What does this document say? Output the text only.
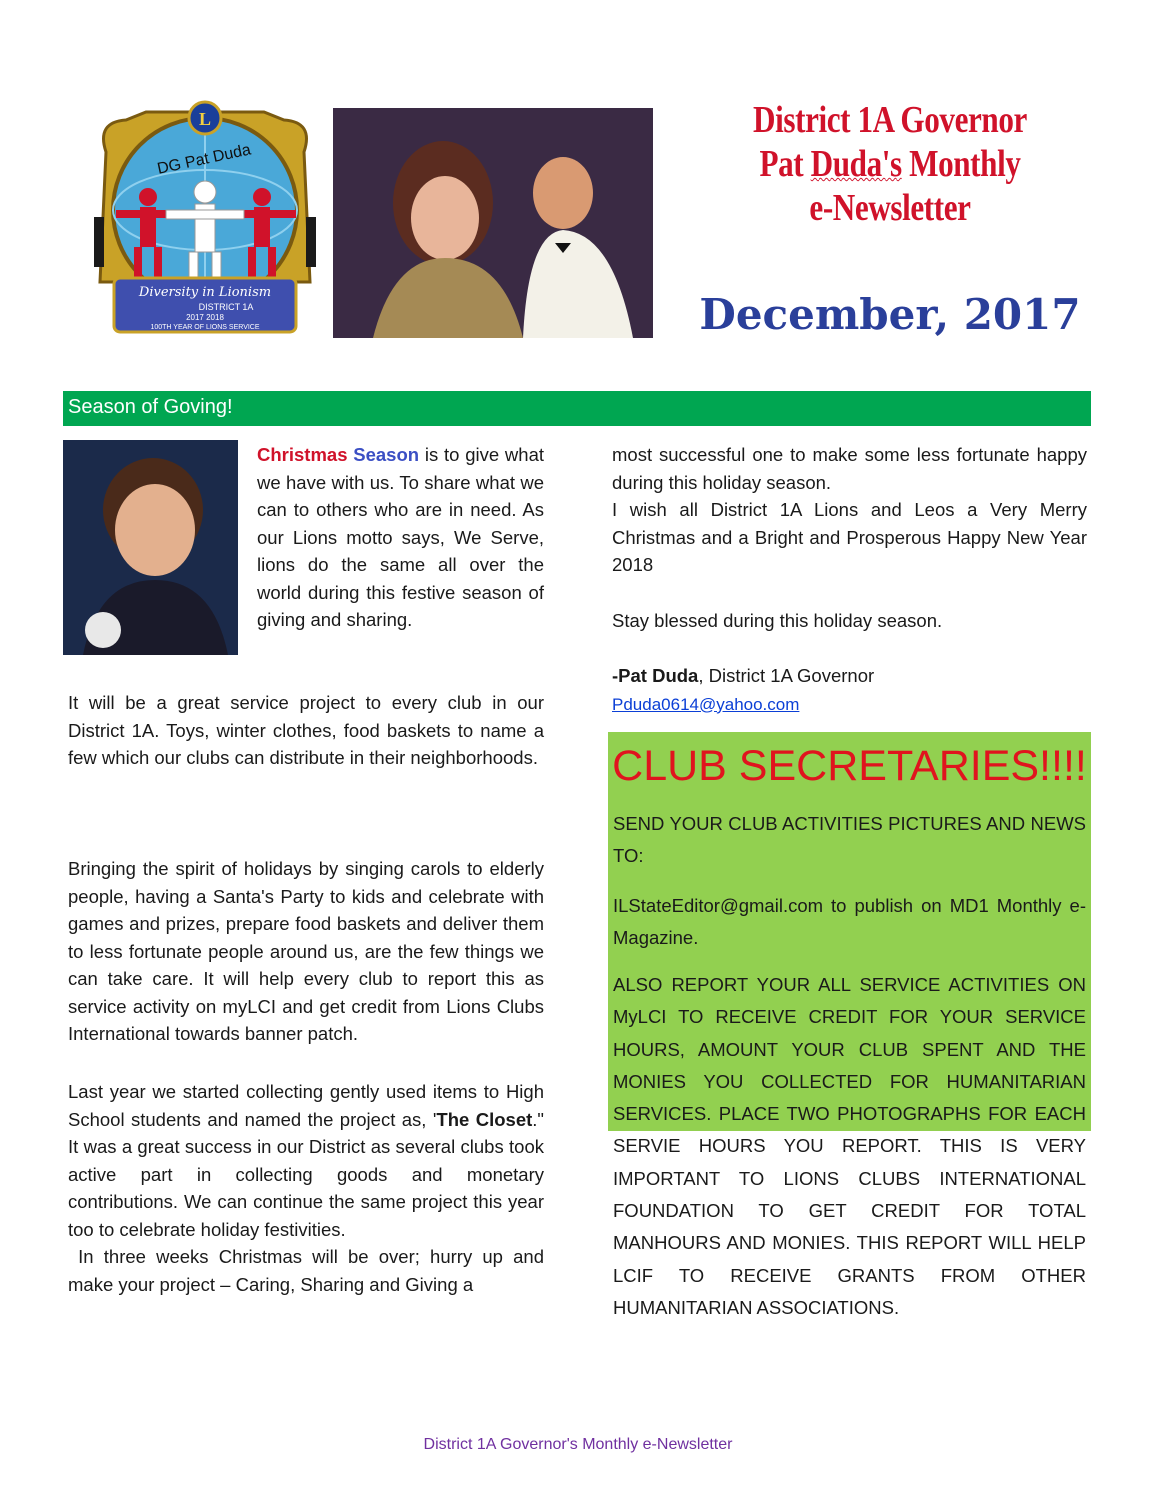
L
DG Pat Duda
Diversity in Lionism
DISTRICT 1A
2017 2018
100TH YEAR OF LIONS SERVICE
District 1A Governor
Pat Duda's Monthly
e-Newsletter
December, 2017
Season of Goving!
Christmas Season is to give what we have with us. To share what we can to others who are in need. As our Lions motto says, We Serve, lions do the same all over the world during this festive season of giving and sharing.
It will be a great service project to every club in our District 1A. Toys, winter clothes, food baskets to name a few which our clubs can distribute in their neighborhoods.
Bringing the spirit of holidays by singing carols to elderly people, having a Santa's Party to kids and celebrate with games and prizes, prepare food baskets and deliver them to less fortunate people around us, are the few things we can take care. It will help every club to report this as service activity on myLCI and get credit from Lions Clubs International towards banner patch.
Last year we started collecting gently used items to High School students and named the project as, 'The Closet." It was a great success in our District as several clubs took active part in collecting goods and monetary contributions. We can continue the same project this year too to celebrate holiday festivities.
In three weeks Christmas will be over; hurry up and make your project – Caring, Sharing and Giving a
most successful one to make some less fortunate happy during this holiday season.
I wish all District 1A Lions and Leos a Very Merry Christmas and a Bright and Prosperous Happy New Year 2018
Stay blessed during this holiday season.
-Pat Duda, District 1A Governor
Pduda0614@yahoo.com
CLUB SECRETARIES!!!!
SEND YOUR CLUB ACTIVITIES PICTURES AND NEWS TO:
ILStateEditor@gmail.com to publish on MD1 Monthly e-Magazine.
ALSO REPORT YOUR ALL SERVICE ACTIVITIES ON MyLCI TO RECEIVE CREDIT FOR YOUR SERVICE HOURS, AMOUNT YOUR CLUB SPENT AND THE MONIES YOU COLLECTED FOR HUMANITARIAN SERVICES. PLACE TWO PHOTOGRAPHS FOR EACH SERVIE HOURS YOU REPORT. THIS IS VERY IMPORTANT TO LIONS CLUBS INTERNATIONAL FOUNDATION TO GET CREDIT FOR TOTAL MANHOURS AND MONIES. THIS REPORT WILL HELP LCIF TO RECEIVE GRANTS FROM OTHER HUMANITARIAN ASSOCIATIONS.
District 1A Governor's Monthly e-Newsletter
